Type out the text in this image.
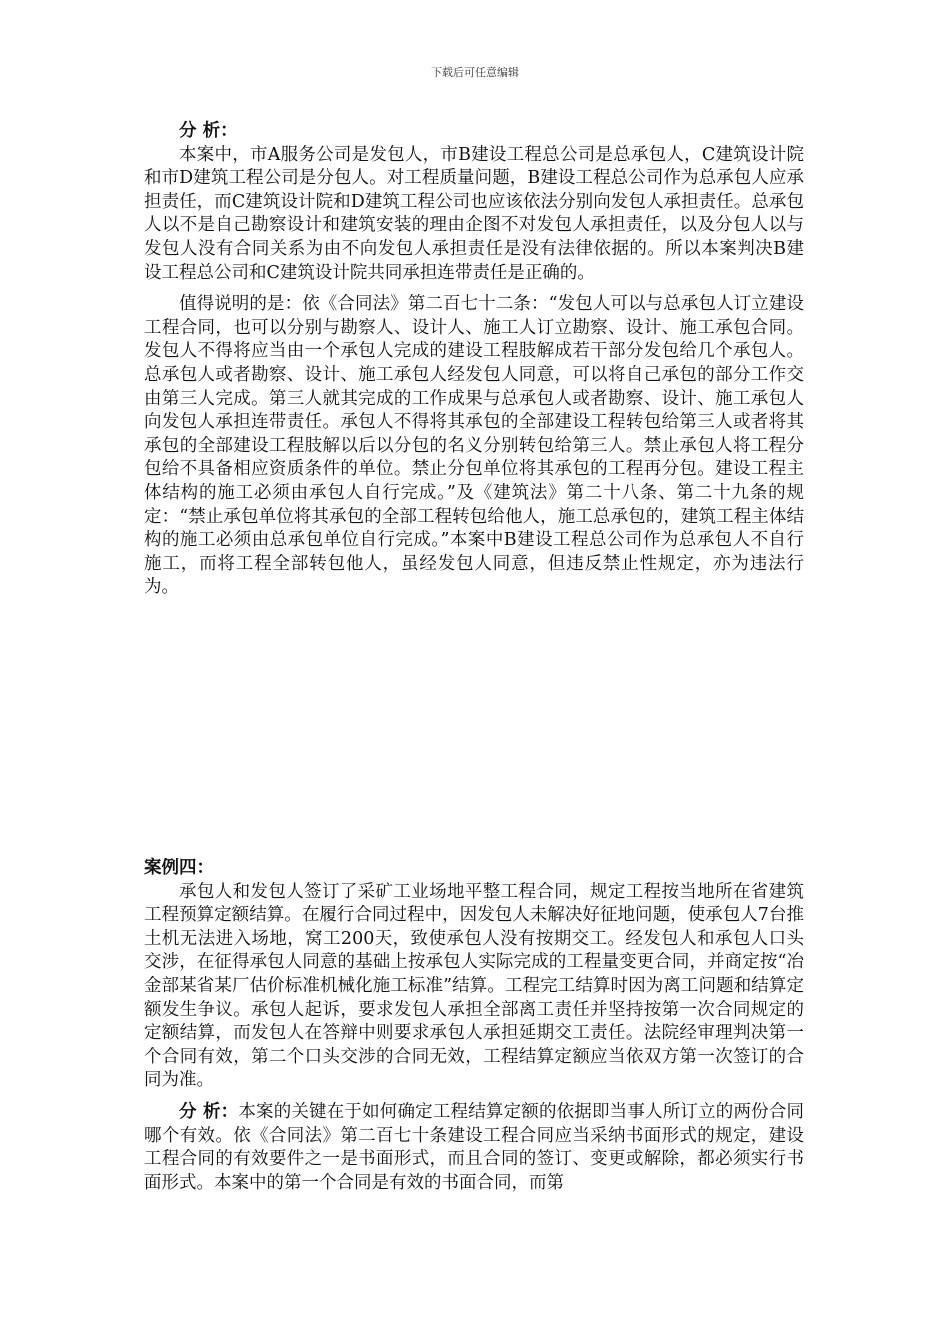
下载后可任意编辑

分 析：

本案中，市A服务公司是发包人，市B建设工程总公司是总承包人，C建筑设计院和市D建筑工程公司是分包人。对工程质量问题，B建设工程总公司作为总承包人应承担责任，而C建筑设计院和D建筑工程公司也应该依法分别向发包人承担责任。总承包人以不是自己勘察设计和建筑安装的理由企图不对发包人承担责任，以及分包人以与发包人没有合同关系为由不向发包人承担责任是没有法律依据的。所以本案判决B建设工程总公司和C建筑设计院共同承担连带责任是正确的。

值得说明的是：依《合同法》第二百七十二条：“发包人可以与总承包人订立建设工程合同，也可以分别与勘察人、设计人、施工人订立勘察、设计、施工承包合同。发包人不得将应当由一个承包人完成的建设工程肢解成若干部分发包给几个承包人。总承包人或者勘察、设计、施工承包人经发包人同意，可以将自己承包的部分工作交由第三人完成。第三人就其完成的工作成果与总承包人或者勘察、设计、施工承包人向发包人承担连带责任。承包人不得将其承包的全部建设工程转包给第三人或者将其承包的全部建设工程肢解以后以分包的名义分别转包给第三人。禁止承包人将工程分包给不具备相应资质条件的单位。禁止分包单位将其承包的工程再分包。建设工程主体结构的施工必须由承包人自行完成。”及《建筑法》第二十八条、第二十九条的规定：“禁止承包单位将其承包的全部工程转包给他人，施工总承包的，建筑工程主体结构的施工必须由总承包单位自行完成。”本案中B建设工程总公司作为总承包人不自行施工，而将工程全部转包他人，虽经发包人同意，但违反禁止性规定，亦为违法行为。

案例四：

承包人和发包人签订了采矿工业场地平整工程合同，规定工程按当地所在省建筑工程预算定额结算。在履行合同过程中，因发包人未解决好征地问题，使承包人7台推土机无法进入场地，窝工200天，致使承包人没有按期交工。经发包人和承包人口头交涉，在征得承包人同意的基础上按承包人实际完成的工程量变更合同，并商定按“冶金部某省某厂估价标准机械化施工标准”结算。工程完工结算时因为离工问题和结算定额发生争议。承包人起诉，要求发包人承担全部离工责任并坚持按第一次合同规定的定额结算，而发包人在答辩中则要求承包人承担延期交工责任。法院经审理判决第一个合同有效，第二个口头交涉的合同无效，工程结算定额应当依双方第一次签订的合同为准。

分 析：本案的关键在于如何确定工程结算定额的依据即当事人所订立的两份合同哪个有效。依《合同法》第二百七十条建设工程合同应当采纳书面形式的规定，建设工程合同的有效要件之一是书面形式，而且合同的签订、变更或解除，都必须实行书面形式。本案中的第一个合同是有效的书面合同，而第
